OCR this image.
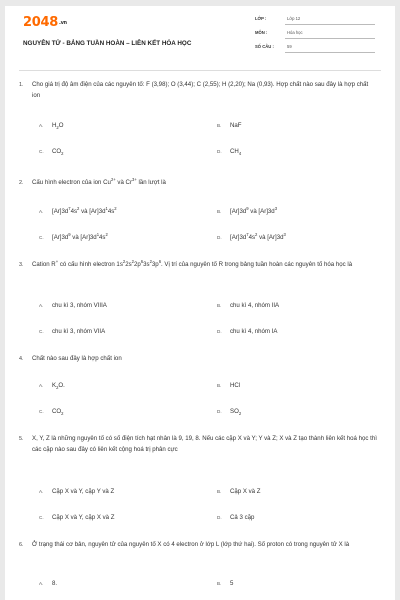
2048.vn
NGUYÊN TỬ - BẢNG TUẦN HOÀN – LIÊN KẾT HÓA HỌC
LỚP :	Lớp 12
MÔN :	Hóa học
SỐ CÂU :	59
1. Cho giá trị độ âm điện của các nguyên tố: F (3,98); O (3,44); C (2,55); H (2,20); Na (0,93). Hợp chất nào sau đây là hợp chất ion
A. $H_2O$	B. NaF
C. $CO_2$	D. $CH_4$
2. Cấu hình electron của ion $Cu^{2+}$ và $Cr^{3+}$ lần lượt là
A. $[Ar]3d^74s^2$ và $[Ar]3d^14s^2$
B. $[Ar]3d^9$ và $[Ar]3d^3$
C. $[Ar]3d^9$ và $[Ar]3d^14s^2$
D. $[Ar]3d^74s^2$ và $[Ar]3d^3$
3. Cation R+ có cấu hình electron $1s^22s^22p^63s^23p^6$. Vị trí của nguyên tố R trong bảng tuần hoàn các nguyên tố hóa học là
A. chu kì 3, nhóm VIIIA	B. chu kì 4, nhóm IIA
C. chu kì 3, nhóm VIIA	D. chu kì 4, nhóm IA
4. Chất nào sau đây là hợp chất ion
A. $K_2O$.	B. HCl
C. $CO_2$	D. $SO_2$
5. X, Y, Z là những nguyên tố có số điện tích hạt nhân là 9, 19, 8. Nếu các cặp X và Y; Y và Z; X và Z tạo thành liên kết hoá học thì các cặp nào sau đây có liên kết cộng hoá trị phân cực
A. Cặp X và Y, cặp Y và Z	B. Cặp X và Z
C. Cặp X và Y, cặp X và Z	D. Cả 3 cặp
6. Ở trạng thái cơ bản, nguyên tử của nguyên tố X có 4 electron ở lớp L (lớp thứ hai). Số proton có trong nguyên tử X là
A. 8.	B. 5
